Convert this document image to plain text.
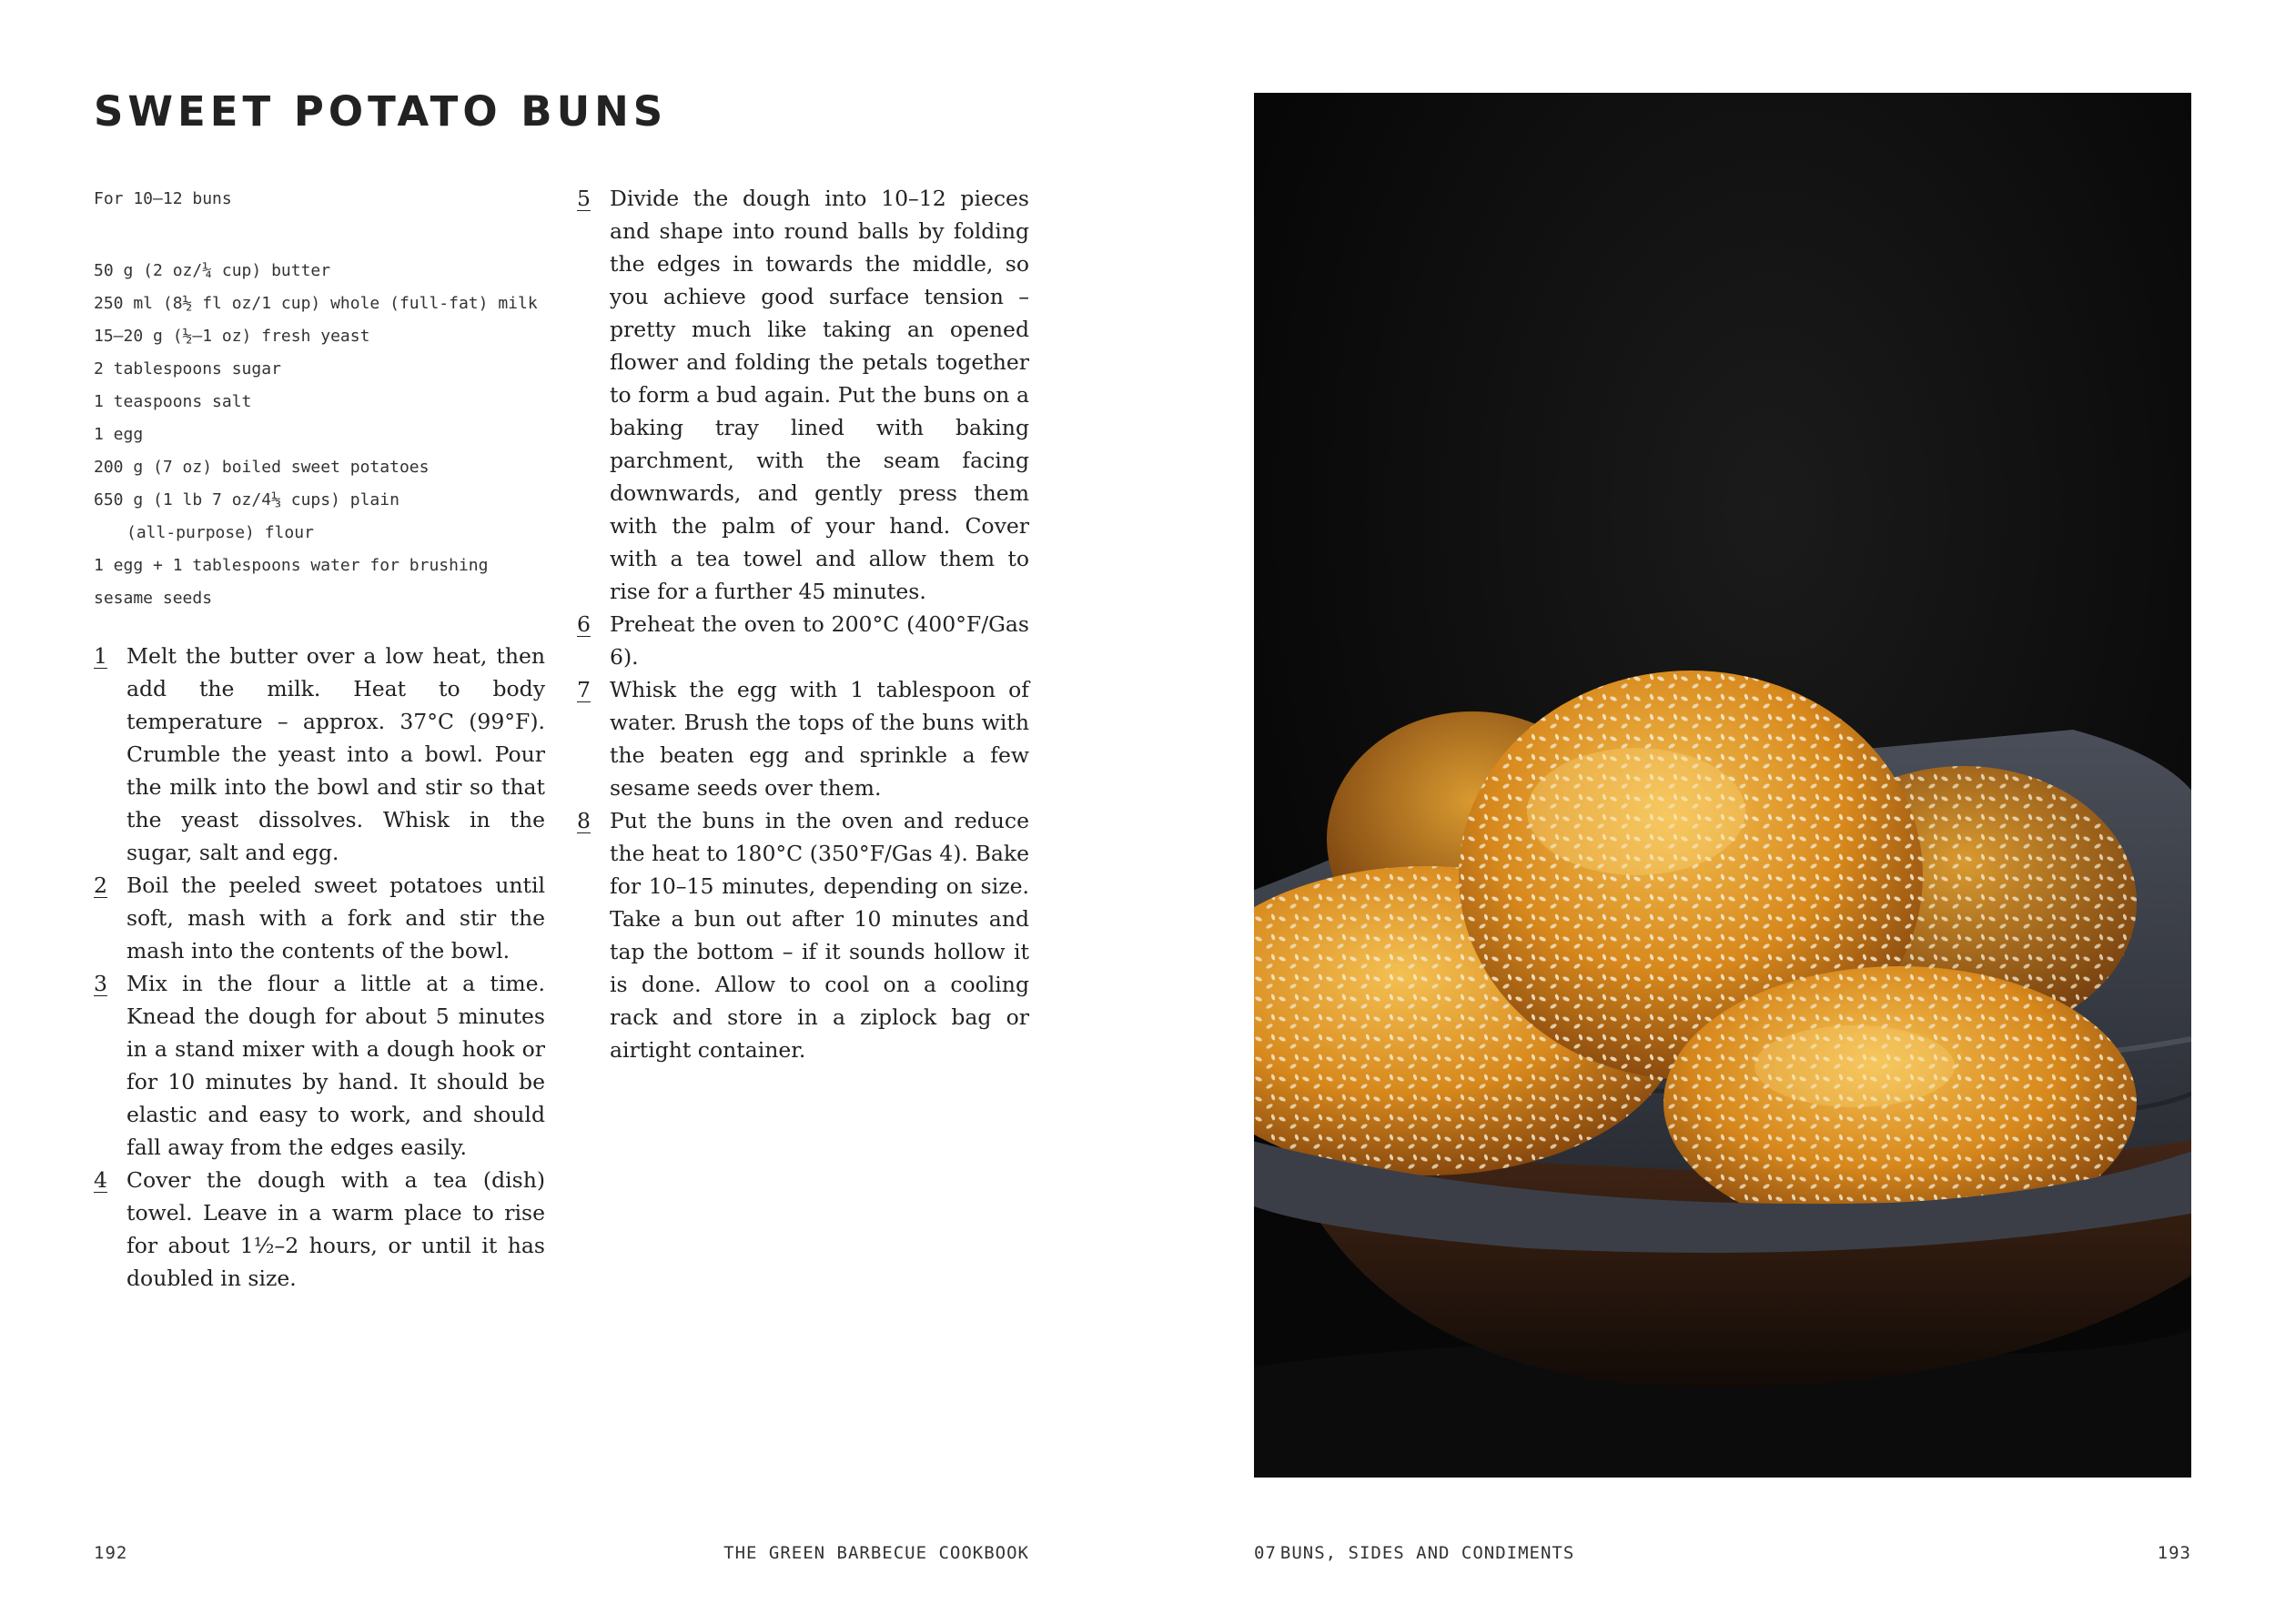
SWEET POTATO BUNS
For 10–12 buns
50 g (2 oz/¼ cup) butter
250 ml (8½ fl oz/1 cup) whole (full-fat) milk
15–20 g (½–1 oz) fresh yeast
2 tablespoons sugar
1 teaspoons salt
1 egg
200 g (7 oz) boiled sweet potatoes
650 g (1 lb 7 oz/4⅓ cups) plain
(all-purpose) flour
1 egg + 1 tablespoons water for brushing
sesame seeds
1 Melt the butter over a low heat, then add the milk. Heat to body temperature – approx. 37°C (99°F). Crumble the yeast into a bowl. Pour the milk into the bowl and stir so that the yeast dissolves. Whisk in the sugar, salt and egg.
2 Boil the peeled sweet potatoes until soft, mash with a fork and stir the mash into the contents of the bowl.
3 Mix in the flour a little at a time. Knead the dough for about 5 minutes in a stand mixer with a dough hook or for 10 minutes by hand. It should be elastic and easy to work, and should fall away from the edges easily.
4 Cover the dough with a tea (dish) towel. Leave in a warm place to rise for about 1½–2 hours, or until it has doubled in size.
5 Divide the dough into 10–12 pieces and shape into round balls by folding the edges in towards the middle, so you achieve good surface tension – pretty much like taking an opened flower and folding the petals together to form a bud again. Put the buns on a baking tray lined with baking parchment, with the seam facing downwards, and gently press them with the palm of your hand. Cover with a tea towel and allow them to rise for a further 45 minutes.
6 Preheat the oven to 200°C (400°F/Gas 6).
7 Whisk the egg with 1 tablespoon of water. Brush the tops of the buns with the beaten egg and sprinkle a few sesame seeds over them.
8 Put the buns in the oven and reduce the heat to 180°C (350°F/Gas 4). Bake for 10–15 minutes, depending on size. Take a bun out after 10 minutes and tap the bottom – if it sounds hollow it is done. Allow to cool on a cooling rack and store in a ziplock bag or airtight container.
192	THE GREEN BARBECUE COOKBOOK	07 BUNS, SIDES AND CONDIMENTS	193
